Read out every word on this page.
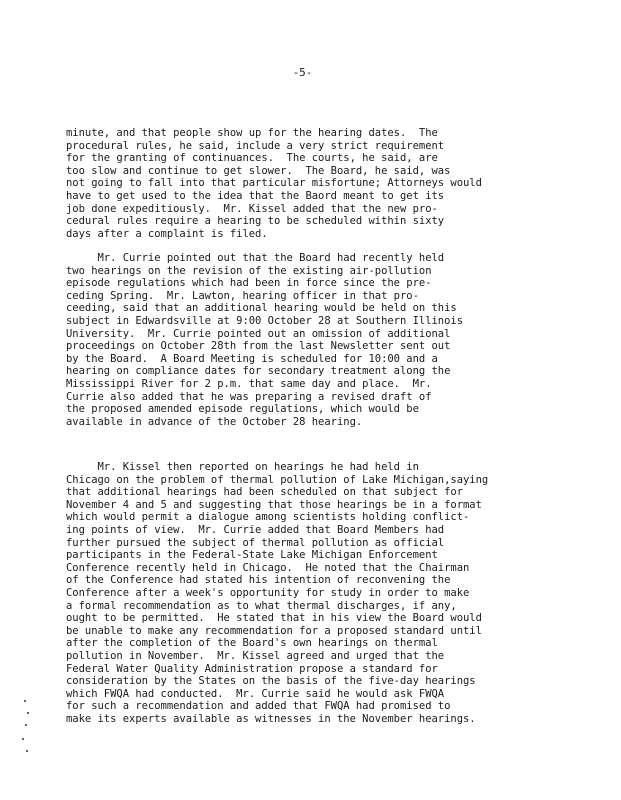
-5-
minute, and that people show up for the hearing dates.  The
procedural rules, he said, include a very strict requirement
for the granting of continuances.  The courts, he said, are
too slow and continue to get slower.  The Board, he said, was
not going to fall into that particular misfortune; Attorneys would
have to get used to the idea that the Baord meant to get its
job done expeditiously.  Mr. Kissel added that the new pro-
cedural rules require a hearing to be scheduled within sixty
days after a complaint is filed.
Mr. Currie pointed out that the Board had recently held
two hearings on the revision of the existing air-pollution
episode regulations which had been in force since the pre-
ceding Spring.  Mr. Lawton, hearing officer in that pro-
ceeding, said that an additional hearing would be held on this
subject in Edwardsville at 9:00 October 28 at Southern Illinois
University.  Mr. Currie pointed out an omission of additional
proceedings on October 28th from the last Newsletter sent out
by the Board.  A Board Meeting is scheduled for 10:00 and a
hearing on compliance dates for secondary treatment along the
Mississippi River for 2 p.m. that same day and place.  Mr.
Currie also added that he was preparing a revised draft of
the proposed amended episode regulations, which would be
available in advance of the October 28 hearing.
Mr. Kissel then reported on hearings he had held in
Chicago on the problem of thermal pollution of Lake Michigan,saying
that additional hearings had been scheduled on that subject for
November 4 and 5 and suggesting that those hearings be in a format
which would permit a dialogue among scientists holding conflict-
ing points of view.  Mr. Currie added that Board Members had
further pursued the subject of thermal pollution as official
participants in the Federal-State Lake Michigan Enforcement
Conference recently held in Chicago.  He noted that the Chairman
of the Conference had stated his intention of reconvening the
Conference after a week's opportunity for study in order to make
a formal recommendation as to what thermal discharges, if any,
ought to be permitted.  He stated that in his view the Board would
be unable to make any recommendation for a proposed standard until
after the completion of the Board's own hearings on thermal
pollution in November.  Mr. Kissel agreed and urged that the
Federal Water Quality Administration propose a standard for
consideration by the States on the basis of the five-day hearings
which FWQA had conducted.  Mr. Currie said he would ask FWQA
for such a recommendation and added that FWQA had promised to
make its experts available as witnesses in the November hearings.
